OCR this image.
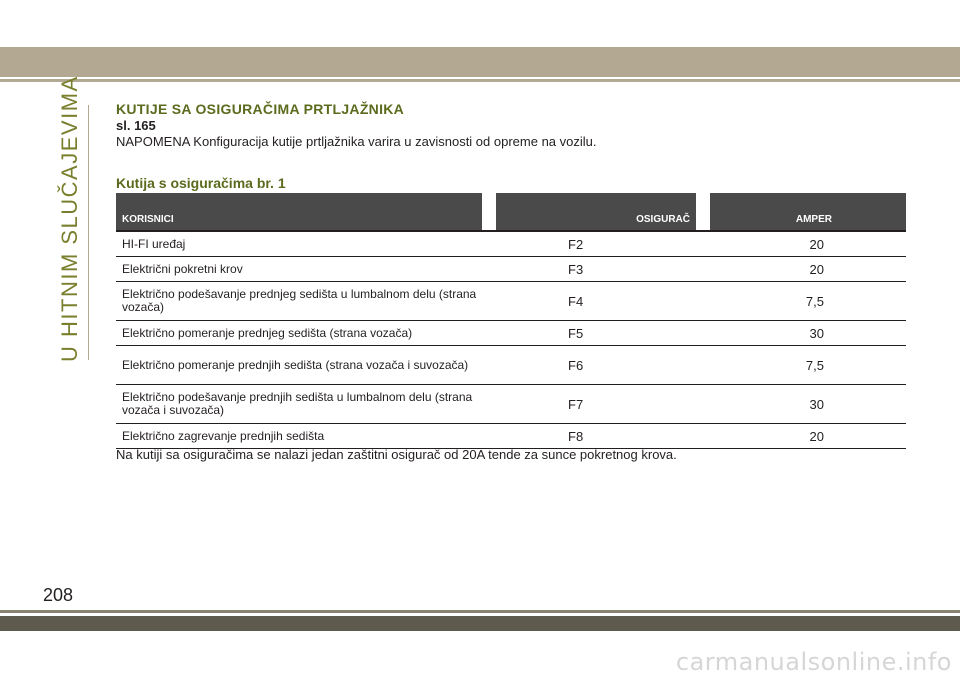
U HITNIM SLUČAJEVIMA KUTIJE SA OSIGURAČIMA PRTLJAŽNIKA
sl. 165
NAPOMENA Konfiguracija kutije prtljažnika varira u zavisnosti od opreme na vozilu.
Kutija s osiguračima br. 1
KORISNICI		OSIGURAČ		AMPER
HI-FI uređaj		F2		20
Električni pokretni krov		F3		20
Električno podešavanje prednjeg sedišta u lumbalnom delu (strana vozača)		F4		7,5
Električno pomeranje prednjeg sedišta (strana vozača)		F5		30
Električno pomeranje prednjih sedišta (strana vozača i suvozača)		F6		7,5
Električno podešavanje prednjih sedišta u lumbalnom delu (strana vozača i suvozača)		F7		30
Električno zagrevanje prednjih sedišta		F8		20
Na kutiji sa osiguračima se nalazi jedan zaštitni osigurač od 20A tende za sunce pokretnog krova.
208
carmanualsonline.info
